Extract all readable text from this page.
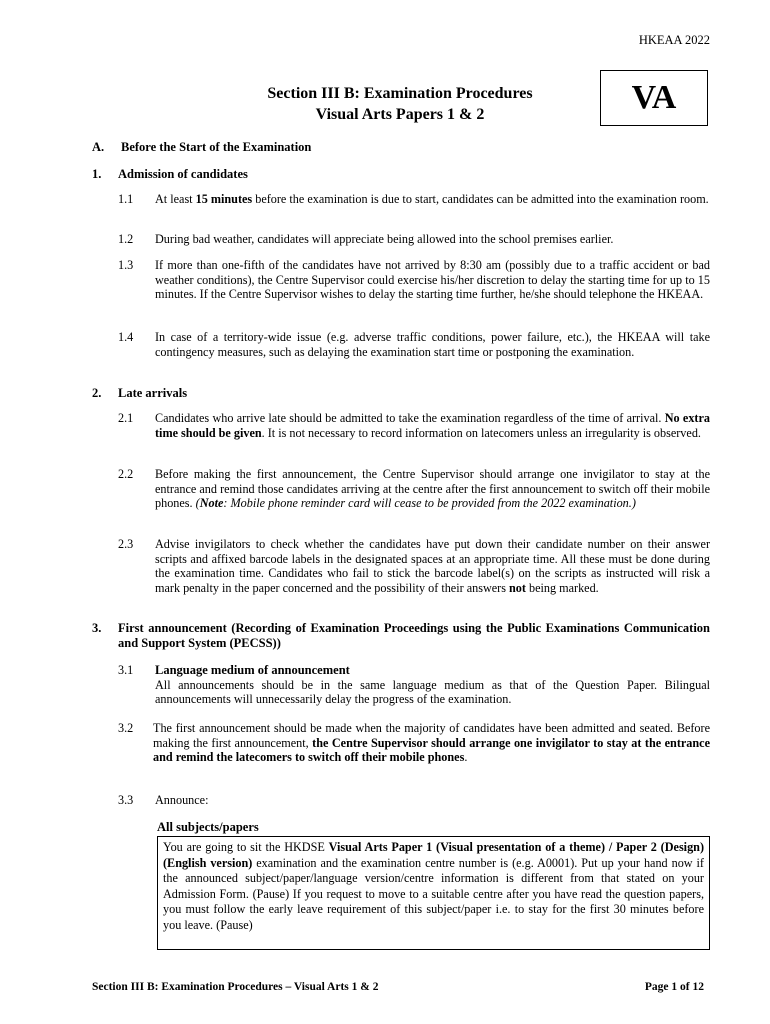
HKEAA 2022
Section III B: Examination Procedures
Visual Arts Papers 1 & 2	VA
A. Before the Start of the Examination
1. Admission of candidates
1.1	At least 15 minutes before the examination is due to start, candidates can be admitted into the examination room.
1.2	During bad weather, candidates will appreciate being allowed into the school premises earlier.
1.3	If more than one-fifth of the candidates have not arrived by 8:30 am (possibly due to a traffic accident or bad weather conditions), the Centre Supervisor could exercise his/her discretion to delay the starting time for up to 15 minutes. If the Centre Supervisor wishes to delay the starting time further, he/she should telephone the HKEAA.
1.4	In case of a territory-wide issue (e.g. adverse traffic conditions, power failure, etc.), the HKEAA will take contingency measures, such as delaying the examination start time or postponing the examination.
2. Late arrivals
2.1	Candidates who arrive late should be admitted to take the examination regardless of the time of arrival. No extra time should be given. It is not necessary to record information on latecomers unless an irregularity is observed.
2.2	Before making the first announcement, the Centre Supervisor should arrange one invigilator to stay at the entrance and remind those candidates arriving at the centre after the first announcement to switch off their mobile phones. (Note: Mobile phone reminder card will cease to be provided from the 2022 examination.)
2.3	Advise invigilators to check whether the candidates have put down their candidate number on their answer scripts and affixed barcode labels in the designated spaces at an appropriate time. All these must be done during the examination time. Candidates who fail to stick the barcode label(s) on the scripts as instructed will risk a mark penalty in the paper concerned and the possibility of their answers not being marked.
3. First announcement (Recording of Examination Proceedings using the Public Examinations Communication and Support System (PECSS))
3.1	Language medium of announcement
All announcements should be in the same language medium as that of the Question Paper. Bilingual announcements will unnecessarily delay the progress of the examination.
3.2	The first announcement should be made when the majority of candidates have been admitted and seated. Before making the first announcement, the Centre Supervisor should arrange one invigilator to stay at the entrance and remind the latecomers to switch off their mobile phones.
3.3	Announce:
All subjects/papers
You are going to sit the HKDSE Visual Arts Paper 1 (Visual presentation of a theme) / Paper 2 (Design) (English version) examination and the examination centre number is (e.g. A0001). Put up your hand now if the announced subject/paper/language version/centre information is different from that stated on your Admission Form. (Pause) If you request to move to a suitable centre after you have read the question papers, you must follow the early leave requirement of this subject/paper i.e. to stay for the first 30 minutes before you leave. (Pause)
Section III B: Examination Procedures – Visual Arts 1 & 2	Page 1 of 12
